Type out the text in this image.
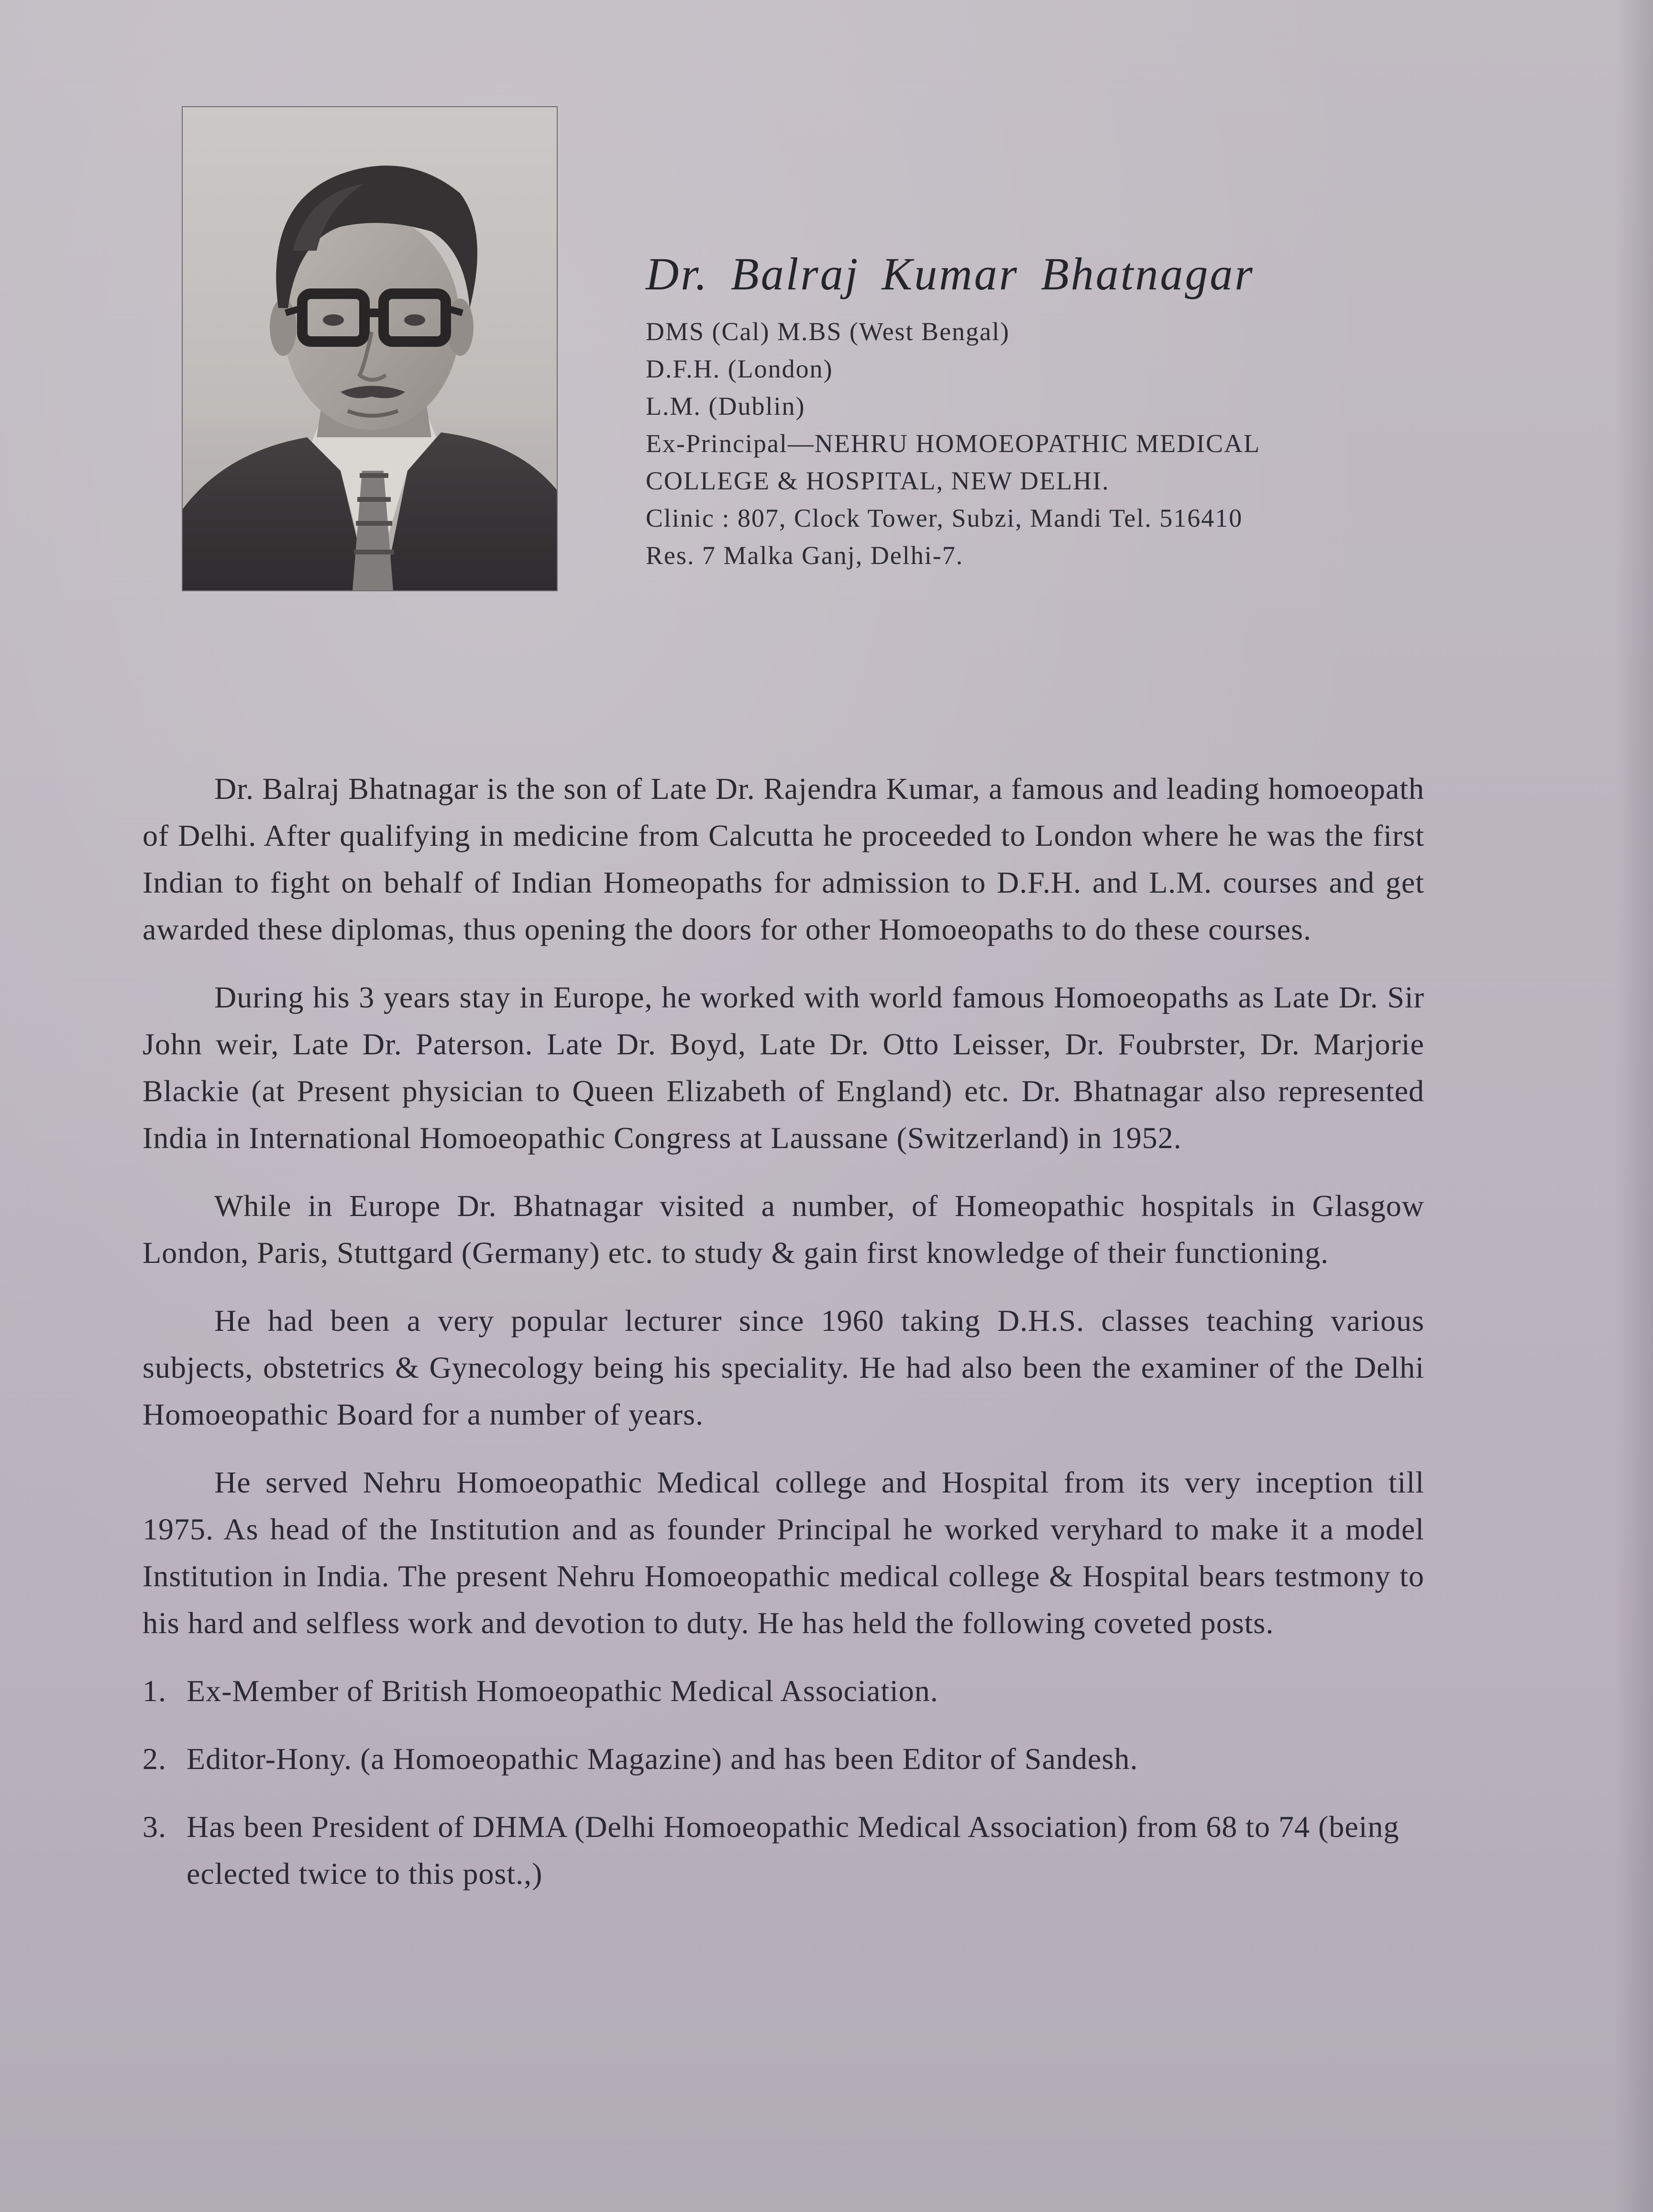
Dr. Balraj Kumar Bhatnagar
DMS (Cal) M.BS (West Bengal)
D.F.H. (London)
L.M. (Dublin)
Ex-Principal—NEHRU HOMOEOPATHIC MEDICAL
COLLEGE & HOSPITAL, NEW DELHI.
Clinic : 807, Clock Tower, Subzi, Mandi Tel. 516410
Res. 7 Malka Ganj, Delhi-7.

Dr. Balraj Bhatnagar is the son of Late Dr. Rajendra Kumar, a famous and leading homoeopath of Delhi. After qualifying in medicine from Calcutta he proceeded to London where he was the first Indian to fight on behalf of Indian Homeopaths for admission to D.F.H. and L.M. courses and get awarded these diplomas, thus opening the doors for other Homoeopaths to do these courses.

During his 3 years stay in Europe, he worked with world famous Homoeopaths as Late Dr. Sir John weir, Late Dr. Paterson. Late Dr. Boyd, Late Dr. Otto Leisser, Dr. Foubrster, Dr. Marjorie Blackie (at Present physician to Queen Elizabeth of England) etc. Dr. Bhatnagar also represented India in International Homoeopathic Congress at Laussane (Switzerland) in 1952.

While in Europe Dr. Bhatnagar visited a number, of Homeopathic hospitals in Glasgow London, Paris, Stuttgard (Germany) etc. to study & gain first knowledge of their functioning.

He had been a very popular lecturer since 1960 taking D.H.S. classes teaching various subjects, obstetrics & Gynecology being his speciality. He had also been the examiner of the Delhi Homoeopathic Board for a number of years.

He served Nehru Homoeopathic Medical college and Hospital from its very inception till 1975. As head of the Institution and as founder Principal he worked veryhard to make it a model Institution in India. The present Nehru Homoeopathic medical college & Hospital bears testmony to his hard and selfless work and devotion to duty. He has held the following coveted posts.

1. Ex-Member of British Homoeopathic Medical Association.
2. Editor-Hony. (a Homoeopathic Magazine) and has been Editor of Sandesh.
3. Has been President of DHMA (Delhi Homoeopathic Medical Association) from 68 to 74 (being eclected twice to this post.,)
